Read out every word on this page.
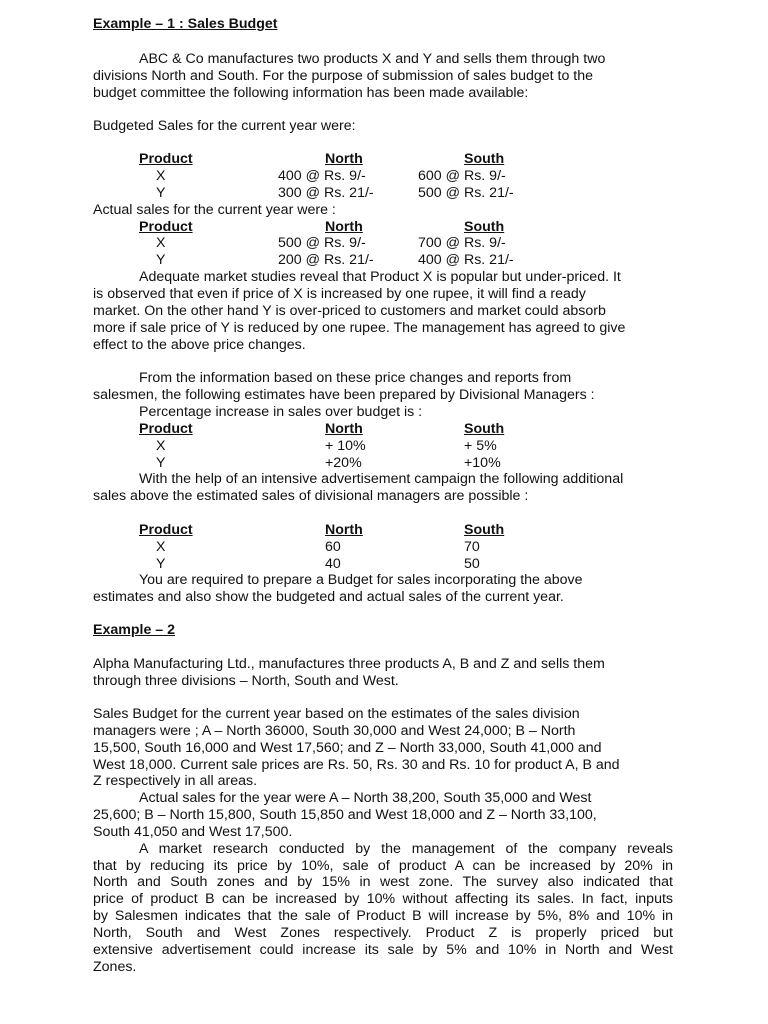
Example – 1 : Sales Budget
ABC & Co manufactures two products X and Y and sells them through two
divisions North and South. For the purpose of submission of sales budget to the
budget committee the following information has been made available:
Budgeted Sales for the current year were:
Product	North	South
X	400 @ Rs. 9/-	600 @ Rs. 9/-
Y	300 @ Rs. 21/-	500 @ Rs. 21/-
Actual sales for the current year were :
Product	North	South
X	500 @ Rs. 9/-	700 @ Rs. 9/-
Y	200 @ Rs. 21/-	400 @ Rs. 21/-
Adequate market studies reveal that Product X is popular but under-priced. It
is observed that even if price of X is increased by one rupee, it will find a ready
market. On the other hand Y is over-priced to customers and market could absorb
more if sale price of Y is reduced by one rupee. The management has agreed to give
effect to the above price changes.
From the information based on these price changes and reports from
salesmen, the following estimates have been prepared by Divisional Managers :
Percentage increase in sales over budget is :
Product	North	South
X	+ 10%	+ 5%
Y	+20%	+10%
With the help of an intensive advertisement campaign the following additional
sales above the estimated sales of divisional managers are possible :
Product	North	South
X	60	70
Y	40	50
You are required to prepare a Budget for sales incorporating the above
estimates and also show the budgeted and actual sales of the current year.
Example – 2
Alpha Manufacturing Ltd., manufactures three products A, B and Z and sells them
through three divisions – North, South and West.
Sales Budget for the current year based on the estimates of the sales division
managers were ; A – North 36000, South 30,000 and West 24,000; B – North
15,500, South 16,000 and West 17,560; and Z – North 33,000, South 41,000 and
West 18,000. Current sale prices are Rs. 50, Rs. 30 and Rs. 10 for product A, B and
Z respectively in all areas.
Actual sales for the year were A – North 38,200, South 35,000 and West
25,600; B – North 15,800, South 15,850 and West 18,000 and Z – North 33,100,
South 41,050 and West 17,500.
A market research conducted by the management of the company reveals
that by reducing its price by 10%, sale of product A can be increased by 20% in
North and South zones and by 15% in west zone. The survey also indicated that
price of product B can be increased by 10% without affecting its sales. In fact, inputs
by Salesmen indicates that the sale of Product B will increase by 5%, 8% and 10% in
North, South and West Zones respectively. Product Z is properly priced but
extensive advertisement could increase its sale by 5% and 10% in North and West
Zones.
